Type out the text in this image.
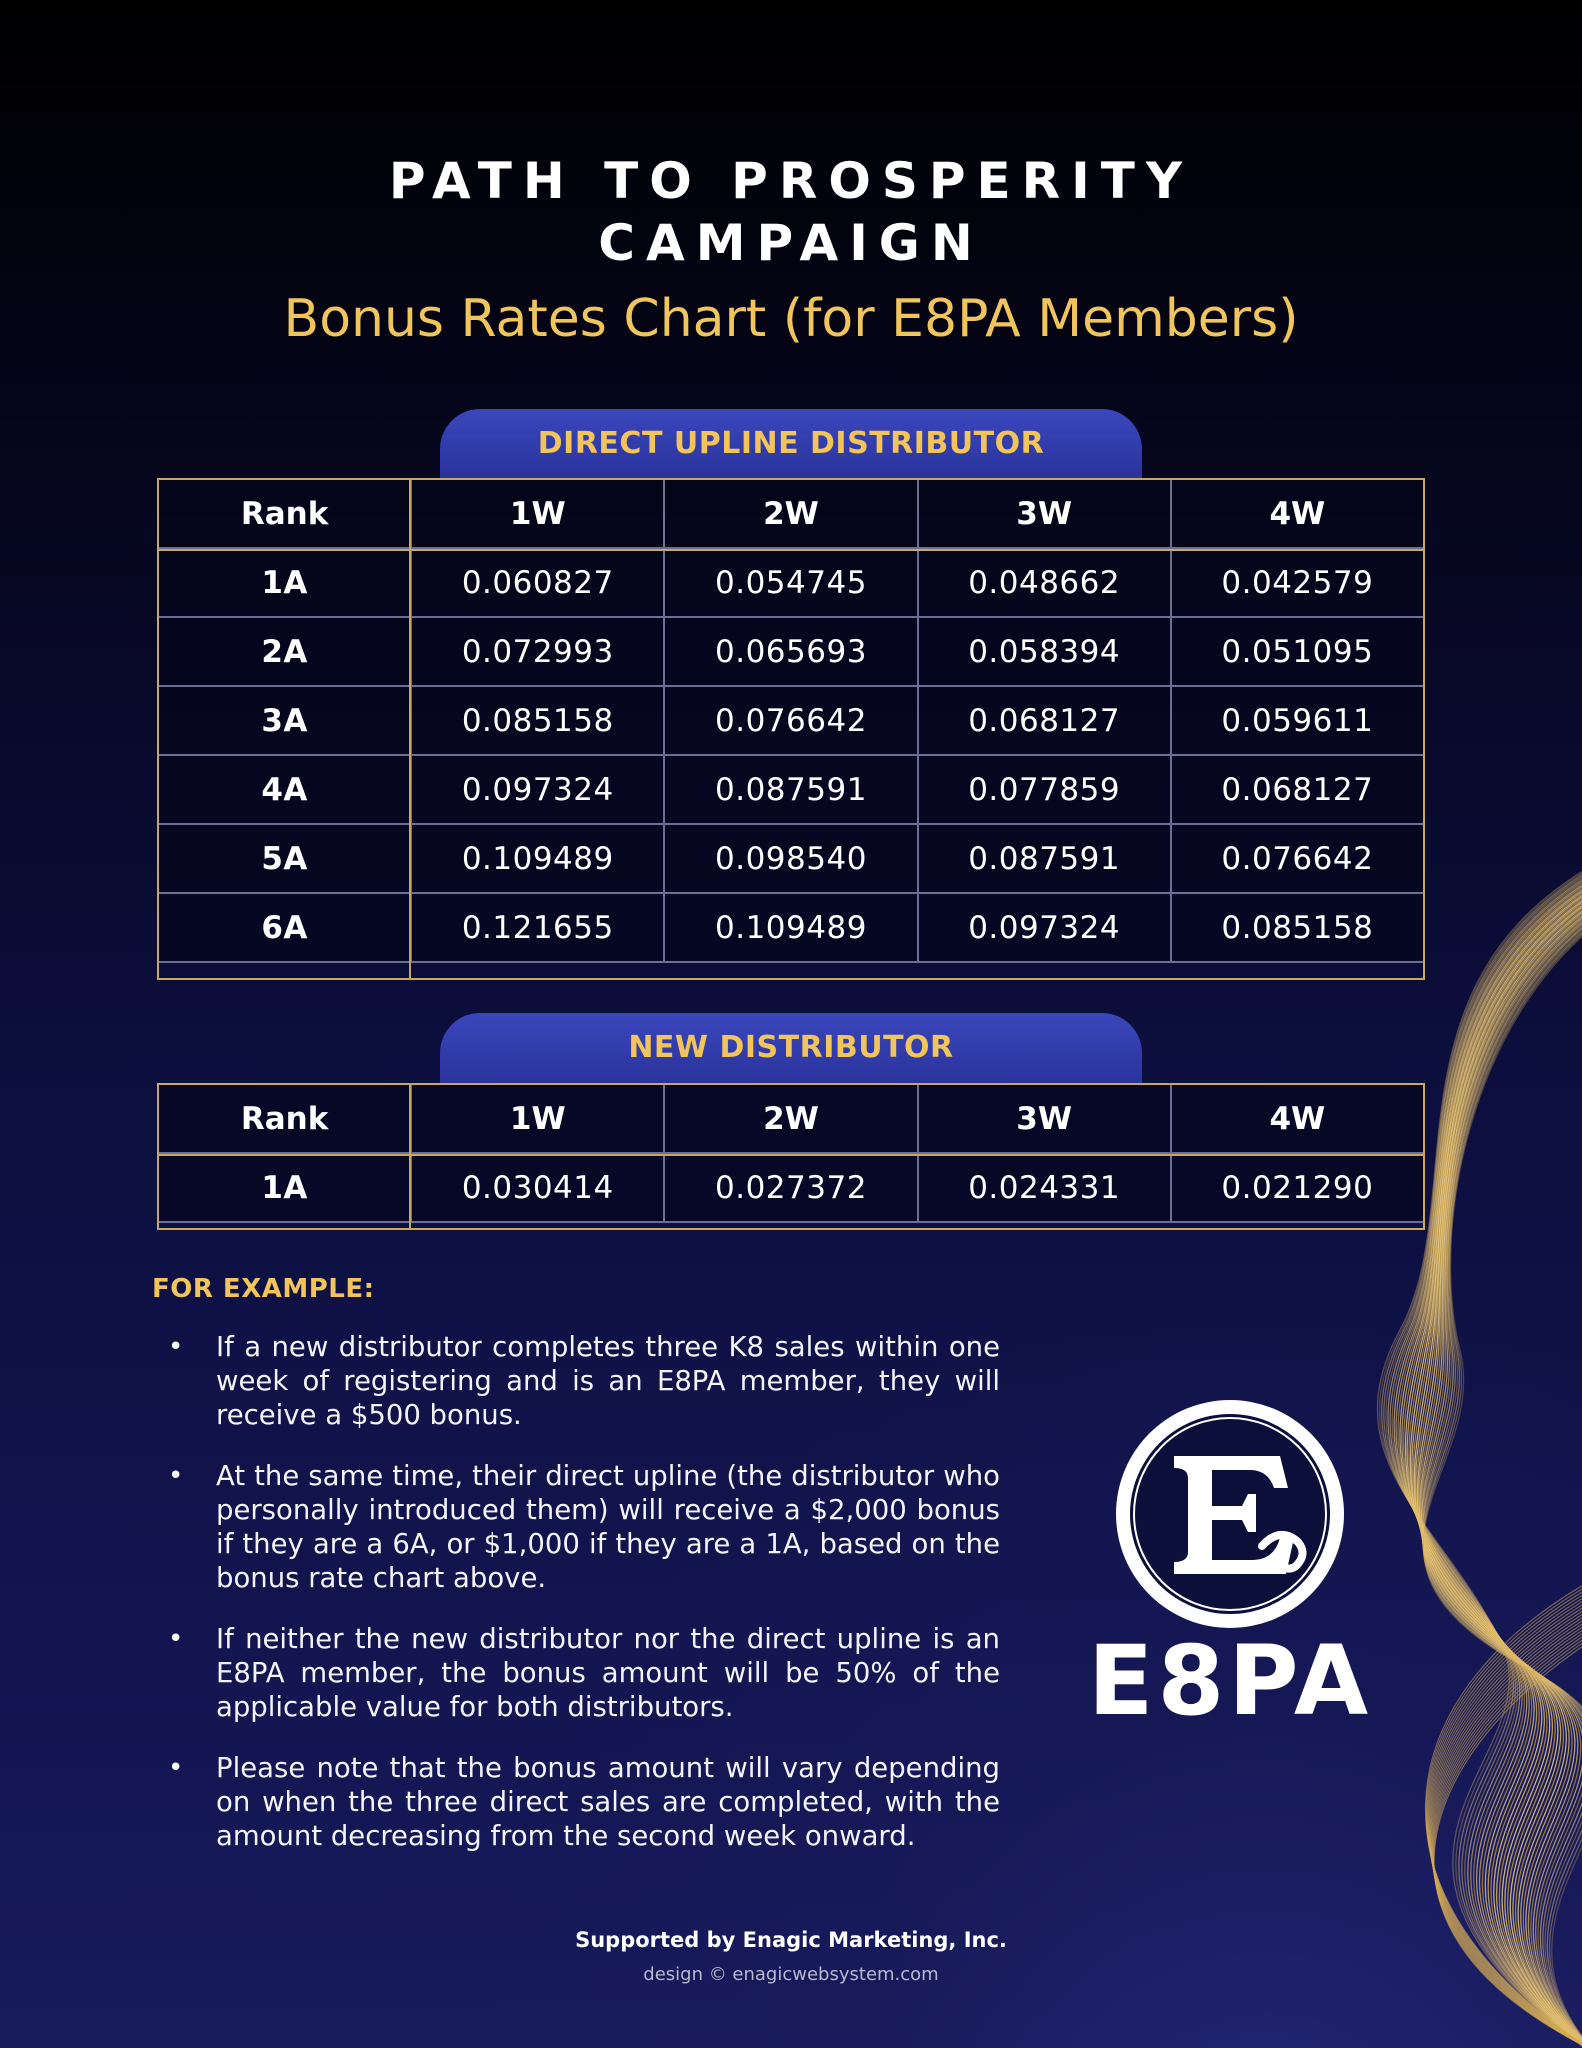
PATH TO PROSPERITY
CAMPAIGN
Bonus Rates Chart (for E8PA Members)
DIRECT UPLINE DISTRIBUTOR
Rank	1W	2W	3W	4W
1A	0.060827	0.054745	0.048662	0.042579
2A	0.072993	0.065693	0.058394	0.051095
3A	0.085158	0.076642	0.068127	0.059611
4A	0.097324	0.087591	0.077859	0.068127
5A	0.109489	0.098540	0.087591	0.076642
6A	0.121655	0.109489	0.097324	0.085158
NEW DISTRIBUTOR
Rank	1W	2W	3W	4W
1A	0.030414	0.027372	0.024331	0.021290
FOR EXAMPLE:
• If a new distributor completes three K8 sales within one week of registering and is an E8PA member, they will receive a $500 bonus.
• At the same time, their direct upline (the distributor who personally introduced them) will receive a $2,000 bonus if they are a 6A, or $1,000 if they are a 1A, based on the bonus rate chart above.
• If neither the new distributor nor the direct upline is an E8PA member, the bonus amount will be 50% of the applicable value for both distributors.
• Please note that the bonus amount will vary depending on when the three direct sales are completed, with the amount decreasing from the second week onward.
E8PA
Supported by Enagic Marketing, Inc.
design © enagicwebsystem.com
